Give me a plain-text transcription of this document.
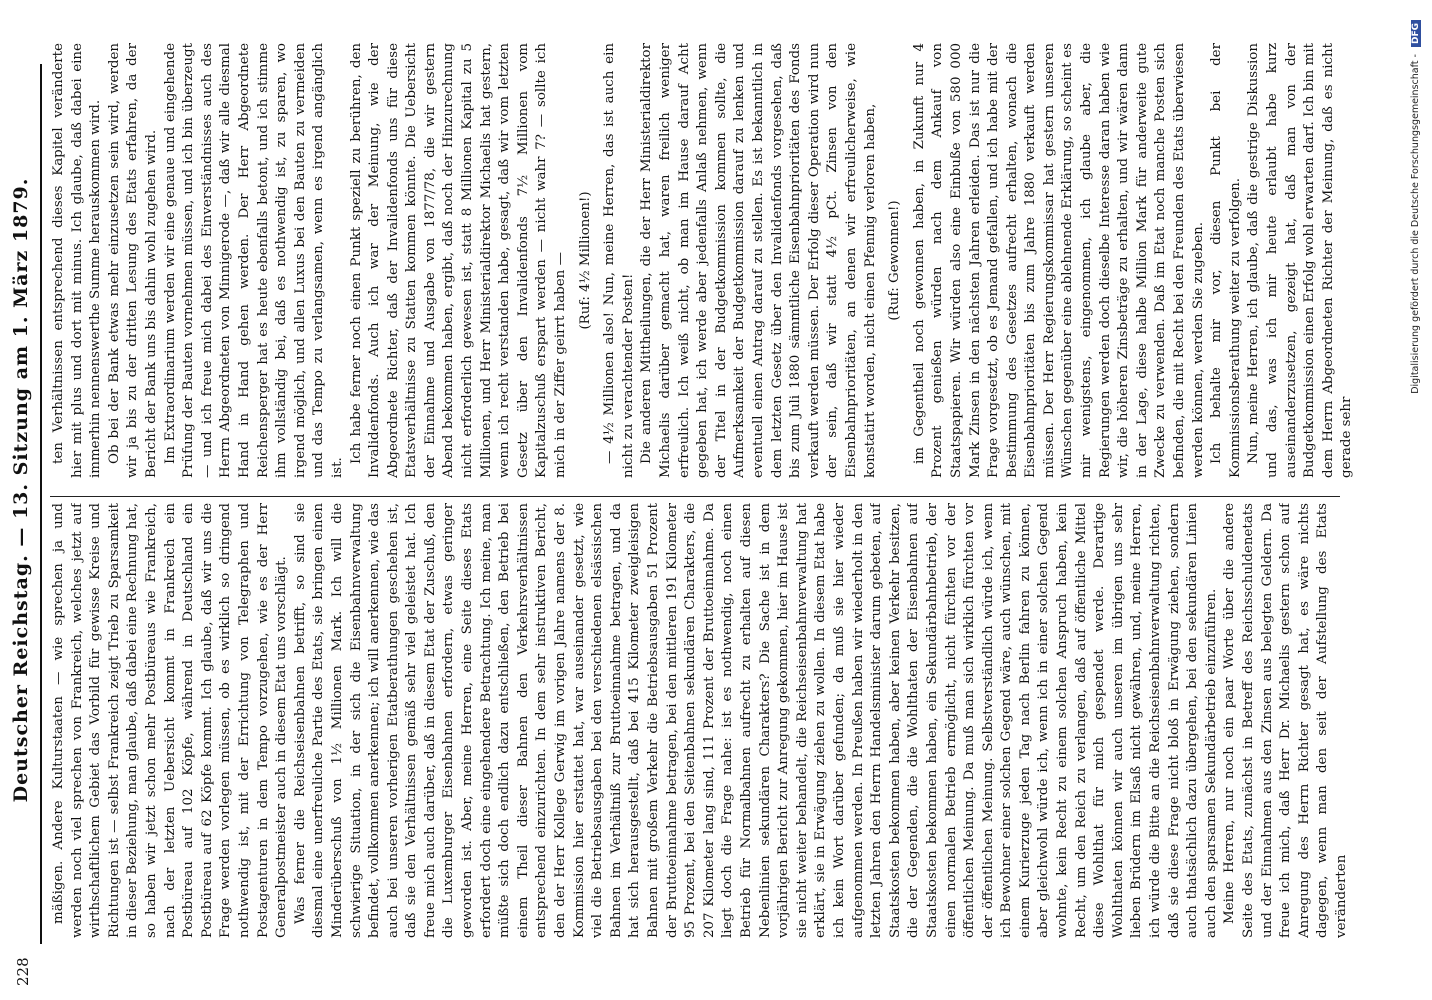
228
Deutscher Reichstag. — 13. Sitzung am 1. März 1879. mäßigen. Andere Kulturstaaten — wie sprechen ja und werden noch viel sprechen von Frankreich, welches jetzt auf wirthschaftlichem Gebiet das Vorbild für gewisse Kreise und Richtungen ist — selbst Frankreich zeigt Trieb zu Sparsamkeit in dieser Beziehung, man glaube, daß dabei eine Rechnung hat, so haben wir jetzt schon mehr Postbüreaus wie Frankreich, nach der letzten Uebersicht kommt in Frankreich ein Postbüreau auf 102 Köpfe, während in Deutschland ein Postbüreau auf 62 Köpfe kommt. Ich glaube, daß wir uns die Frage werden vorlegen müssen, ob es wirklich so dringend nothwendig ist, mit der Errichtung von Telegraphen und Postagenturen in dem Tempo vorzugehen, wie es der Herr Generalpostmeister auch in diesem Etat uns vorschlägt. Was ferner die Reichseisenbahnen betrifft, so sind sie diesmal eine unerfreuliche Partie des Etats, sie bringen einen Minderüberschuß von 1½ Millionen Mark. Ich will die schwierige Situation, in der sich die Eisenbahnverwaltung befindet, vollkommen anerkennen; ich will anerkennen, wie das auch bei unseren vorherigen Etatberathungen geschehen ist, daß sie den Verhältnissen gemäß sehr viel geleistet hat. Ich freue mich auch darüber, daß in diesem Etat der Zuschuß, den die Luxemburger Eisenbahnen erfordern, etwas geringer geworden ist. Aber, meine Herren, eine Seite dieses Etats erfordert doch eine eingehendere Betrachtung. Ich meine, man müßte sich doch endlich dazu entschließen, den Betrieb bei einem Theil dieser Bahnen den Verkehrsverhältnissen entsprechend einzurichten. In dem sehr instruktiven Bericht, den der Herr Kollege Gerwig im vorigen Jahre namens der 8. Kommission hier erstattet hat, war auseinander gesetzt, wie viel die Betriebsausgaben bei den verschiedenen elsässischen Bahnen im Verhältniß zur Bruttoeinnahme betragen, und da hat sich herausgestellt, daß bei 415 Kilometer zweigleisigen Bahnen mit großem Verkehr die Betriebsausgaben 51 Prozent der Bruttoeinnahme betragen, bei den mittleren 191 Kilometer 95 Prozent, bei den Seitenbahnen sekundären Charakters, die 207 Kilometer lang sind, 111 Prozent der Bruttoeinnahme. Da liegt doch die Frage nahe: ist es nothwendig, noch einen Betrieb für Normalbahnen aufrecht zu erhalten auf diesen Nebenlinien sekundären Charakters? Die Sache ist in dem vorjährigen Bericht zur Anregung gekommen, hier im Hause ist sie nicht weiter behandelt, die Reichseisenbahnverwaltung hat erklärt, sie in Erwägung ziehen zu wollen. In diesem Etat habe ich kein Wort darüber gefunden; da muß sie hier wieder aufgenommen werden. In Preußen haben wir wiederholt in den letzten Jahren den Herrn Handelsminister darum gebeten, auf Staatskosten bekommen haben, aber keinen Verkehr besitzen, die der Gegenden, die die Wohlthaten der Eisenbahnen auf Staatskosten bekommen haben, ein Sekundärbahnbetrieb, der einen normalen Betrieb ermöglicht, nicht fürchten vor der öffentlichen Meinung. Da muß man sich wirklich fürchten vor der öffentlichen Meinung. Selbstverständlich würde ich, wenn ich Bewohner einer solchen Gegend wäre, auch wünschen, mit einem Kurierzuge jeden Tag nach Berlin fahren zu können, aber gleichwohl würde ich, wenn ich in einer solchen Gegend wohnte, kein Recht zu einem solchen Anspruch haben, kein Recht, um den Reich zu verlangen, daß auf öffentliche Mittel diese Wohlthat für mich gespendet werde. Derartige Wohlthaten können wir auch unseren im übrigen uns sehr lieben Brüdern im Elsaß nicht gewähren, und, meine Herren, ich würde die Bitte an die Reichseisenbahnverwaltung richten, daß sie diese Frage nicht bloß in Erwägung ziehen, sondern auch thatsächlich dazu übergehen, bei den sekundären Linien auch den sparsamen Sekundärbetrieb einzuführen. Meine Herren, nur noch ein paar Worte über die andere Seite des Etats, zunächst in Betreff des Reichsschuldenetats und der Einnahmen aus den Zinsen aus belegten Geldern. Da freue ich mich, daß Herr Dr. Michaelis gestern schon auf Anregung des Herrn Richter gesagt hat, es wäre nichts dagegen, wenn man den seit der Aufstellung des Etats veränderten

ten Verhältnissen entsprechend dieses Kapitel veränderte hier mit plus und dort mit minus. Ich glaube, daß dabei eine immerhin nennenswerthe Summe herauskommen wird. Ob bei der Bank etwas mehr einzusetzen sein wird, werden wir ja bis zu der dritten Lesung des Etats erfahren, da der Bericht der Bank uns bis dahin wohl zugehen wird. Im Extraordinarium werden wir eine genaue und eingehende Prüfung der Bauten vornehmen müssen, und ich bin überzeugt — und ich freue mich dabei des Einverständnisses auch des Herrn Abgeordneten von Minnigerode —, daß wir alle diesmal Hand in Hand gehen werden. Der Herr Abgeordnete Reichensperger hat es heute ebenfalls betont, und ich stimme ihm vollständig bei, daß es nothwendig ist, zu sparen, wo irgend möglich, und allen Luxus bei den Bauten zu vermeiden und das Tempo zu verlangsamen, wenn es irgend angänglich ist.

Ich habe ferner noch einen Punkt speziell zu berühren, den Invalidenfonds. Auch ich war der Meinung, wie der Abgeordnete Richter, daß der Invalidenfonds uns für diese Etatsverhältnisse zu Statten kommen könnte. Die Uebersicht der Einnahme und Ausgabe von 1877/78, die wir gestern Abend bekommen haben, ergibt, daß noch der Hinzurechnung nicht erforderlich gewesen ist, statt 8 Millionen Kapital zu 5 Millionen, und Herr Ministerialdirektor Michaelis hat gestern, wenn ich recht verstanden habe, gesagt, daß wir vom letzten Gesetz über den Invalidenfonds 7½ Millionen vom Kapitalzuschuß erspart werden — nicht wahr 7? — sollte ich mich in der Ziffer geirrt haben — (Ruf: 4½ Millionen!) — 4½ Millionen also! Nun, meine Herren, das ist auch ein nicht zu verachtender Posten! Die anderen Mittheilungen, die der Herr Ministerialdirektor Michaelis darüber gemacht hat, waren freilich weniger erfreulich. Ich weiß nicht, ob man im Hause darauf Acht gegeben hat, ich werde aber jedenfalls Anlaß nehmen, wenn der Titel in der Budgetkommission kommen sollte, die Aufmerksamkeit der Budgetkommission darauf zu lenken und eventuell einen Antrag darauf zu stellen. Es ist bekanntlich in dem letzten Gesetz über den Invalidenfonds vorgesehen, daß bis zum Juli 1880 sämmtliche Eisenbahnprioritäten des Fonds verkauft werden müssen. Der Erfolg dieser Operation wird nun der sein, daß wir statt 4½ pCt. Zinsen von den Eisenbahnprioritäten, an denen wir erfreulicherweise, wie konstatirt worden, nicht einen Pfennig verloren haben, (Ruf: Gewonnen!) im Gegentheil noch gewonnen haben, in Zukunft nur 4 Prozent genießen würden nach dem Ankauf von Staatspapieren. Wir würden also eine Einbuße von 580 000 Mark Zinsen in den nächsten Jahren erleiden. Das ist nur die Frage vorgesetzt, ob es Jemand gefallen, und ich habe mit der Bestimmung des Gesetzes aufrecht erhalten, wonach die Eisenbahnprioritäten bis zum Jahre 1880 verkauft werden müssen. Der Herr Regierungskommissar hat gestern unseren Wünschen gegenüber eine ablehnende Erklärung, so scheint es mir wenigstens, eingenommen, ich glaube aber, die Regierungen werden doch dieselbe Interesse daran haben wie wir, die höheren Zinsbeträge zu erhalten, und wir wären dann in der Lage, diese halbe Million Mark für anderweite gute Zwecke zu verwenden. Daß im Etat noch manche Posten sich befinden, die mit Recht bei den Freunden des Etats überwiesen werden können, werden Sie zugeben. Ich behalte mir vor, diesen Punkt bei der Kommissionsberathung weiter zu verfolgen. Nun, meine Herren, ich glaube, daß die gestrige Diskussion und das, was ich mir heute erlaubt habe kurz auseinanderzusetzen, gezeigt hat, daß man von der Budgetkommission einen Erfolg wohl erwarten darf. Ich bin mit dem Herrn Abgeordneten Richter der Meinung, daß es nicht gerade sehr

Digitalisierung gefördert durch die Deutsche Forschungsgemeinschaft - DFG
